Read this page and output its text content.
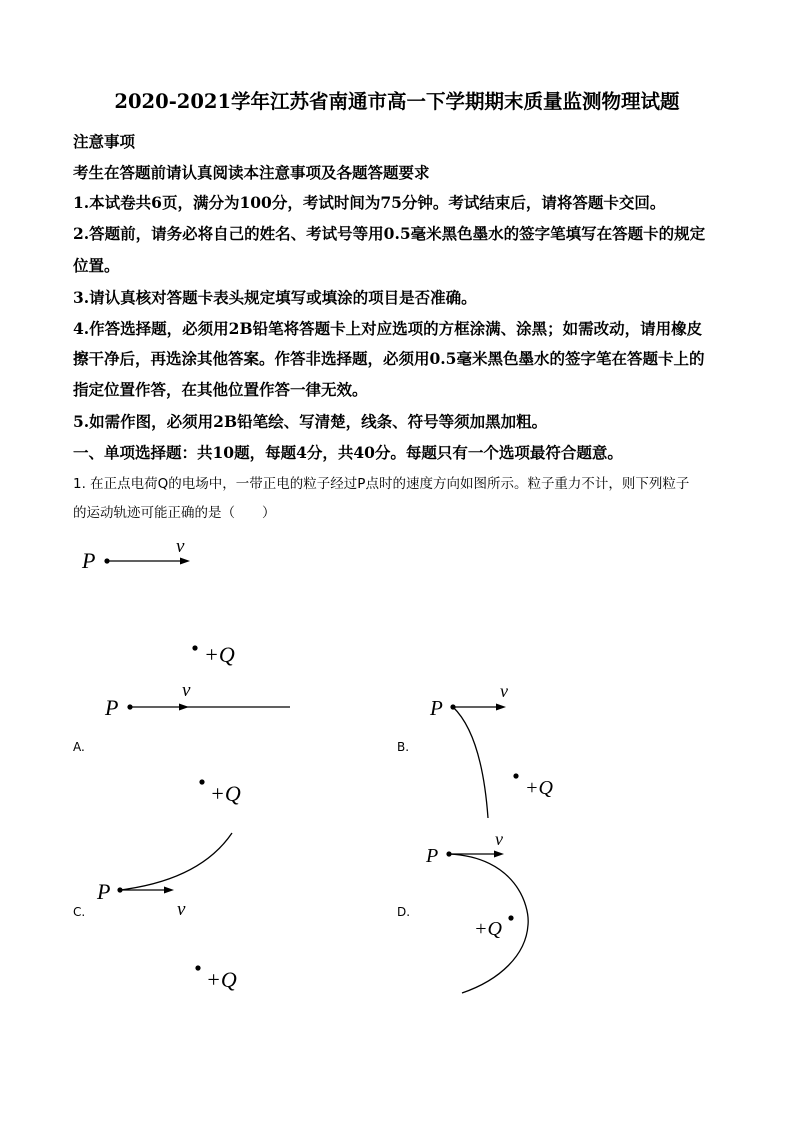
2020-2021学年江苏省南通市高一下学期期末质量监测物理试题
注意事项
考生在答题前请认真阅读本注意事项及各题答题要求
1.本试卷共6页，满分为100分，考试时间为75分钟。考试结束后，请将答题卡交回。
2.答题前，请务必将自己的姓名、考试号等用0.5毫米黑色墨水的签字笔填写在答题卡的规定
位置。
3.请认真核对答题卡表头规定填写或填涂的项目是否准确。
4.作答选择题，必须用2B铅笔将答题卡上对应选项的方框涂满、涂黑；如需改动，请用橡皮
擦干净后，再选涂其他答案。作答非选择题，必须用0.5毫米黑色墨水的签字笔在答题卡上的
指定位置作答，在其他位置作答一律无效。
5.如需作图，必须用2B铅笔绘、写清楚，线条、符号等须加黑加粗。
一、单项选择题：共10题，每题4分，共40分。每题只有一个选项最符合题意。
1. 在正点电荷Q的电场中，一带正电的粒子经过P点时的速度方向如图所示。粒子重力不计，则下列粒子
的运动轨迹可能正确的是（　　）
P
v
+Q
P
v
A.
P
v
+Q
B.
+Q
P
v
+Q
C.
P
v
+Q
D.
